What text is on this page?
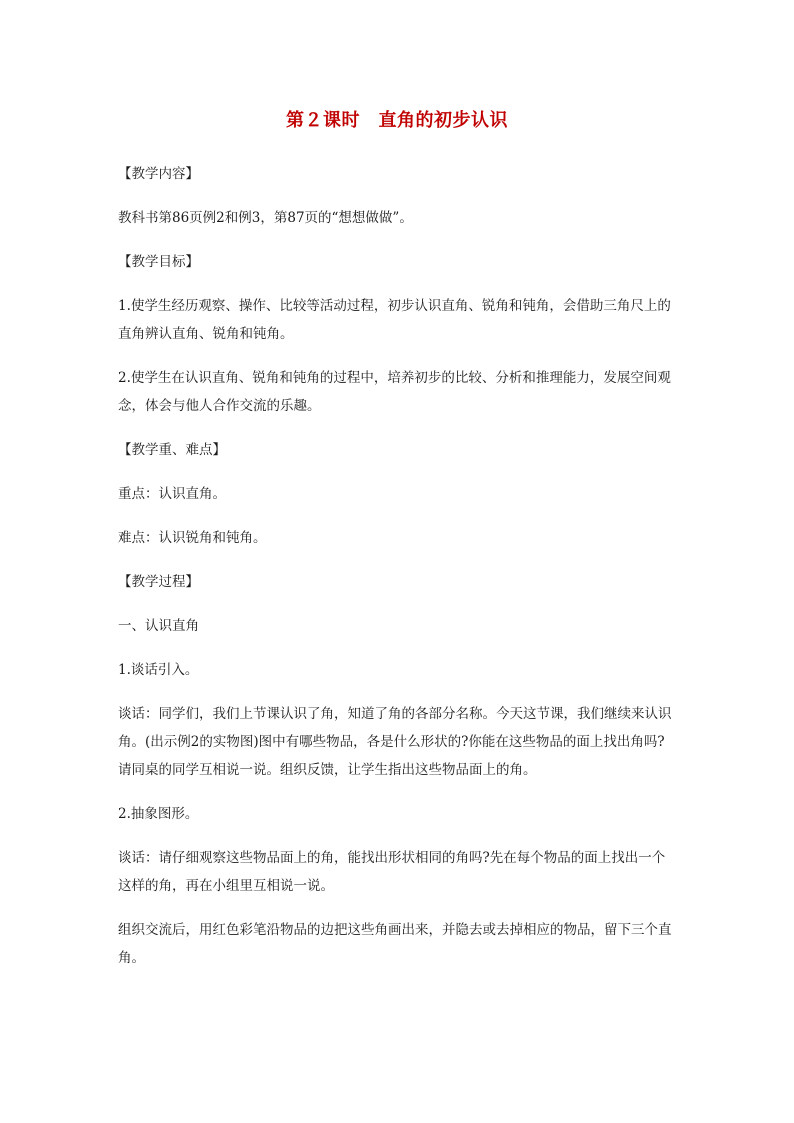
第２课时　直角的初步认识

【教学内容】

教科书第86页例2和例3，第87页的“想想做做”。

【教学目标】

1.使学生经历观察、操作、比较等活动过程，初步认识直角、锐角和钝角，会借助三角尺上的直角辨认直角、锐角和钝角。

2.使学生在认识直角、锐角和钝角的过程中，培养初步的比较、分析和推理能力，发展空间观念，体会与他人合作交流的乐趣。

【教学重、难点】

重点：认识直角。

难点：认识锐角和钝角。

【教学过程】

一、认识直角

1.谈话引入。

谈话：同学们，我们上节课认识了角，知道了角的各部分名称。今天这节课，我们继续来认识角。(出示例2的实物图)图中有哪些物品，各是什么形状的?你能在这些物品的面上找出角吗?请同桌的同学互相说一说。组织反馈，让学生指出这些物品面上的角。

2.抽象图形。

谈话：请仔细观察这些物品面上的角，能找出形状相同的角吗?先在每个物品的面上找出一个这样的角，再在小组里互相说一说。

组织交流后，用红色彩笔沿物品的边把这些角画出来，并隐去或去掉相应的物品，留下三个直角。
